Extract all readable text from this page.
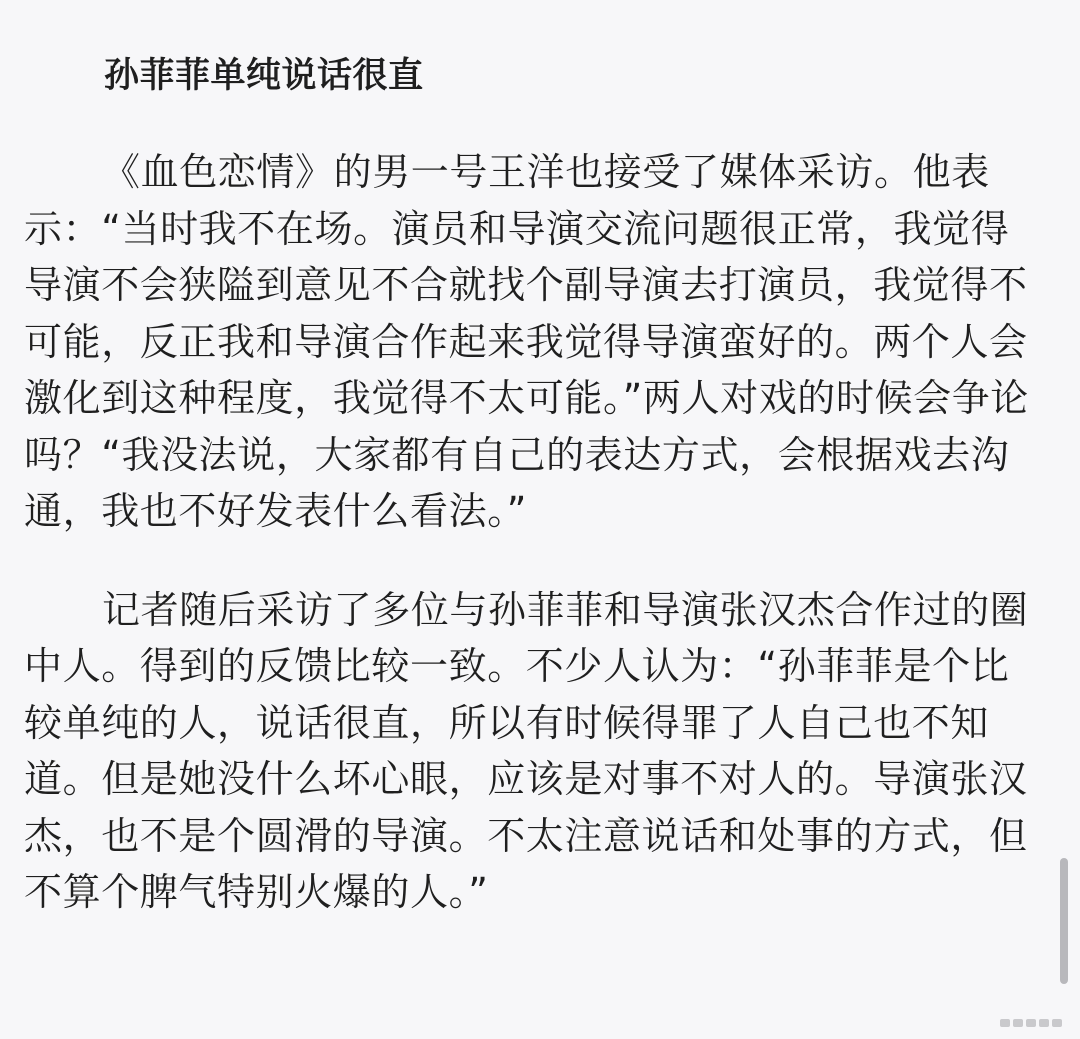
孙菲菲单纯说话很直

《血色恋情》的男一号王洋也接受了媒体采访。他表示：“当时我不在场。演员和导演交流问题很正常，我觉得导演不会狭隘到意见不合就找个副导演去打演员，我觉得不可能，反正我和导演合作起来我觉得导演蛮好的。两个人会激化到这种程度，我觉得不太可能。”两人对戏的时候会争论吗？“我没法说，大家都有自己的表达方式，会根据戏去沟通，我也不好发表什么看法。”

记者随后采访了多位与孙菲菲和导演张汉杰合作过的圈中人。得到的反馈比较一致。不少人认为：“孙菲菲是个比较单纯的人，说话很直，所以有时候得罪了人自己也不知道。但是她没什么坏心眼，应该是对事不对人的。导演张汉杰，也不是个圆滑的导演。不太注意说话和处事的方式，但不算个脾气特别火爆的人。”
